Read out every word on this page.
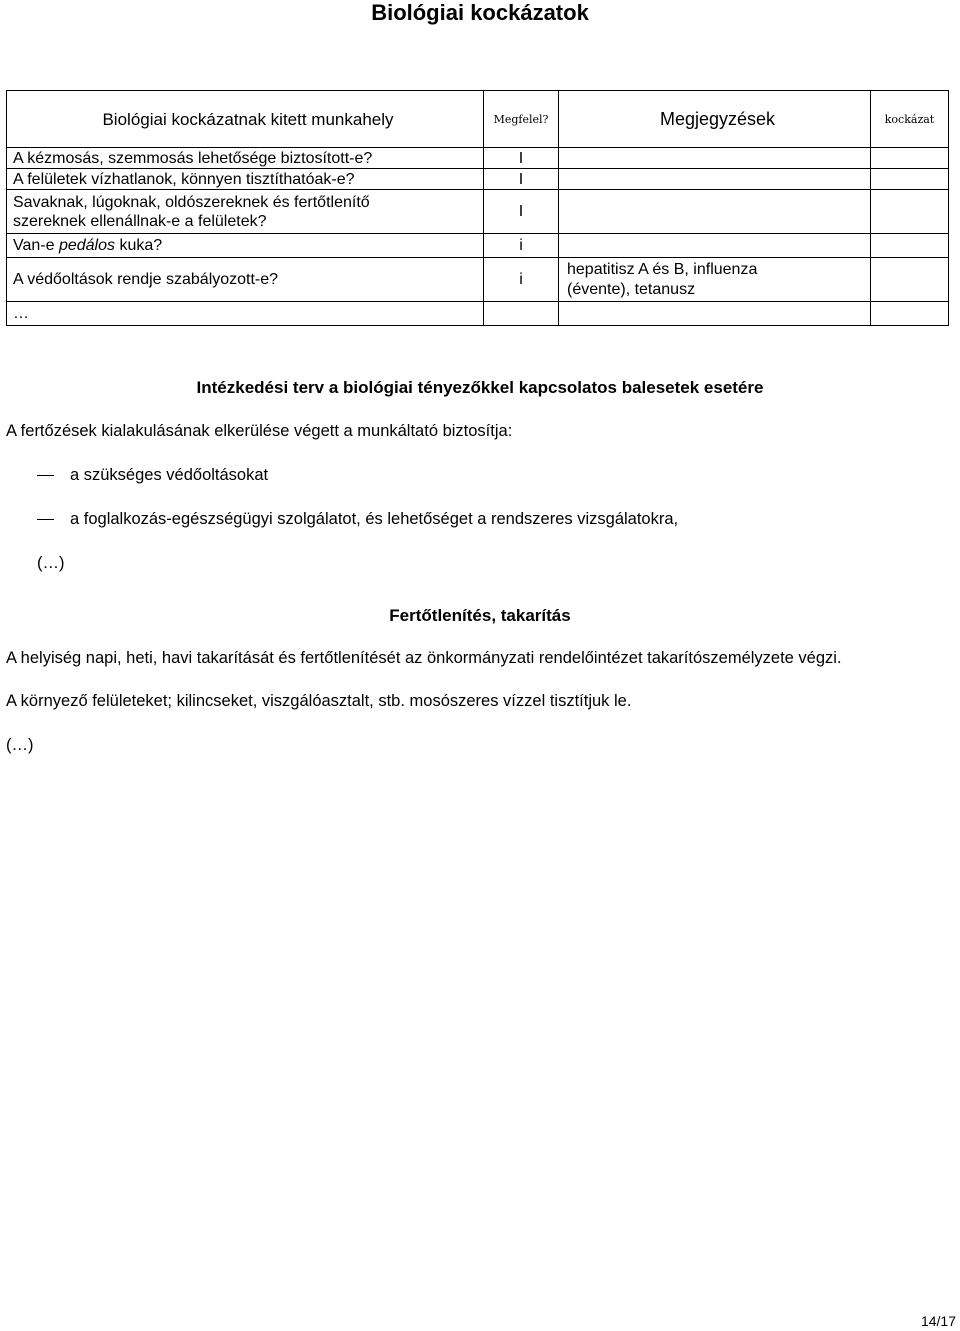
Biológiai kockázatok
Biológiai kockázatnak kitett munkahely	Megfelel?	Megjegyzések	kockázat
A kézmosás, szemmosás lehetősége biztosított-e?	I		
A felületek vízhatlanok, könnyen tisztíthatóak-e?	I		

Savaknak, lúgoknak, oldószereknek és fertőtlenítő
szereknek ellenállnak-e a felületek?	I		
Van-e pedálos kuka?	i		
A védőoltások rendje szabályozott-e?	i	hepatitisz A és B, influenza
(évente), tetanusz	

…			
Intézkedési terv a biológiai tényezőkkel kapcsolatos balesetek esetére
A fertőzések kialakulásának elkerülése végett a munkáltató biztosítja:
a szükséges védőoltásokat
a foglalkozás-egészségügyi szolgálatot, és lehetőséget a rendszeres vizsgálatokra,
(…)
Fertőtlenítés, takarítás
A helyiség napi, heti, havi takarítását és fertőtlenítését az önkormányzati rendelőintézet takarítószemélyzete végzi.
A környező felületeket; kilincseket, viszgálóasztalt, stb. mosószeres vízzel tisztítjuk le.
(…)
14/17
